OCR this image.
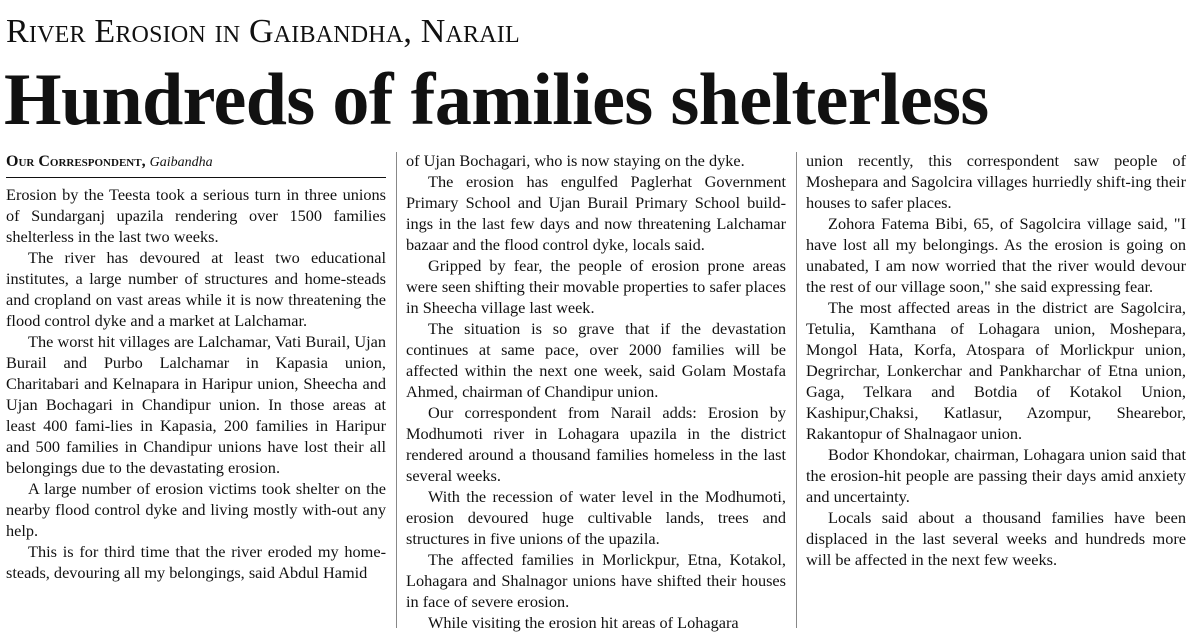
River Erosion in Gaibandha, Narail
Hundreds of families shelterless
Our Correspondent, Gaibandha

Erosion by the Teesta took a serious turn in three unions of Sundarganj upazila rendering over 1500 families shelterless in the last two weeks.

The river has devoured at least two educational institutes, a large number of structures and home-steads and cropland on vast areas while it is now threatening the flood control dyke and a market at Lalchamar.

The worst hit villages are Lalchamar, Vati Burail, Ujan Burail and Purbo Lalchamar in Kapasia union, Charitabari and Kelnapara in Haripur union, Sheecha and Ujan Bochagari in Chandipur union. In those areas at least 400 fami-lies in Kapasia, 200 families in Haripur and 500 families in Chandipur unions have lost their all belongings due to the devastating erosion.

A large number of erosion victims took shelter on the nearby flood control dyke and living mostly with-out any help.

This is for third time that the river eroded my home-steads, devouring all my belongings, said Abdul Hamid

of Ujan Bochagari, who is now staying on the dyke.

The erosion has engulfed Paglerhat Government Primary School and Ujan Burail Primary School build-ings in the last few days and now threatening Lalchamar bazaar and the flood control dyke, locals said.

Gripped by fear, the people of erosion prone areas were seen shifting their movable properties to safer places in Sheecha village last week.

The situation is so grave that if the devastation continues at same pace, over 2000 families will be affected within the next one week, said Golam Mostafa Ahmed, chairman of Chandipur union.

Our correspondent from Narail adds: Erosion by Modhumoti river in Lohagara upazila in the district rendered around a thousand families homeless in the last several weeks.

With the recession of water level in the Modhumoti, erosion devoured huge cultivable lands, trees and structures in five unions of the upazila.

The affected families in Morlickpur, Etna, Kotakol, Lohagara and Shalnagor unions have shifted their houses in face of severe erosion.

While visiting the erosion hit areas of Lohagara

union recently, this correspondent saw people of Moshepara and Sagolcira villages hurriedly shift-ing their houses to safer places.

Zohora Fatema Bibi, 65, of Sagolcira village said, "I have lost all my belongings. As the erosion is going on unabated, I am now worried that the river would devour the rest of our village soon," she said expressing fear.

The most affected areas in the district are Sagolcira, Tetulia, Kamthana of Lohagara union, Moshepara, Mongol Hata, Korfa, Atospara of Morlickpur union, Degrirchar, Lonkerchar and Pankharchar of Etna union, Gaga, Telkara and Botdia of Kotakol Union, Kashipur,Chaksi, Katlasur, Azompur, Shearebor, Rakantopur of Shalnagaor union.

Bodor Khondokar, chairman, Lohagara union said that the erosion-hit people are passing their days amid anxiety and uncertainty.

Locals said about a thousand families have been displaced in the last several weeks and hundreds more will be affected in the next few weeks.
